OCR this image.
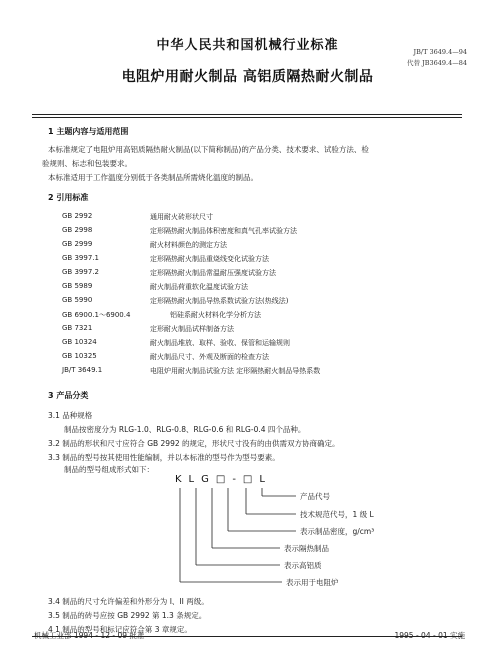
中华人民共和国机械行业标准	JB/T 3649.4—94
代替 JB3649.4—84
电阻炉用耐火制品 高铝质隔热耐火制品
1 主题内容与适用范围
本标准规定了电阻炉用高铝质隔热耐火制品(以下简称制品)的产品分类、技术要求、试验方法、检
验规则、标志和包装要求。
本标准适用于工作温度分别低于各类制品所需烧化温度的制品。
2 引用标准
GB 2992	通用耐火砖形状尺寸
GB 2998	定形隔热耐火制品体积密度和真气孔率试验方法
GB 2999	耐火材料颜色的测定方法
GB 3997.1	定形隔热耐火制品重烧线变化试验方法
GB 3997.2	定形隔热耐火制品常温耐压强度试验方法
GB 5989	耐火制品荷重软化温度试验方法
GB 5990	定形隔热耐火制品导热系数试验方法(热线法)
GB 6900.1～6900.4	铝硅系耐火材料化学分析方法
GB 7321	定形耐火制品试样制备方法
GB 10324	耐火制品堆放、取样、验收、保管和运输规则
GB 10325	耐火制品尺寸、外观及断面的检查方法
JB/T 3649.1	电阻炉用耐火制品试验方法 定形隔热耐火制品导热系数
3 产品分类
3.1 品种规格
制品按密度分为 RLG-1.0、RLG-0.8、RLG-0.6 和 RLG-0.4 四个品种。
3.2 制品的形状和尺寸应符合 GB 2992 的规定，形状尺寸没有的由供需双方协商确定。
3.3 制品的型号按其使用性能编制，并以本标准的型号作为型号要素。
制品的型号组成形式如下：
KLG□-□L
产品代号
技术规范代号，1 级 L
表示制品密度，g/cm³
表示隔热制品
表示高铝质
表示用于电阻炉
3.4 制品的尺寸允许偏差和外形分为 I、II 两级。
3.5 制品的砖号应按 GB 2992 第 1.3 条规定。
4 1 制品的型号和标记应符合第 3 章规定。
机械工业部 1994 - 12 - 09 批准	1995 - 04 - 01 实施
